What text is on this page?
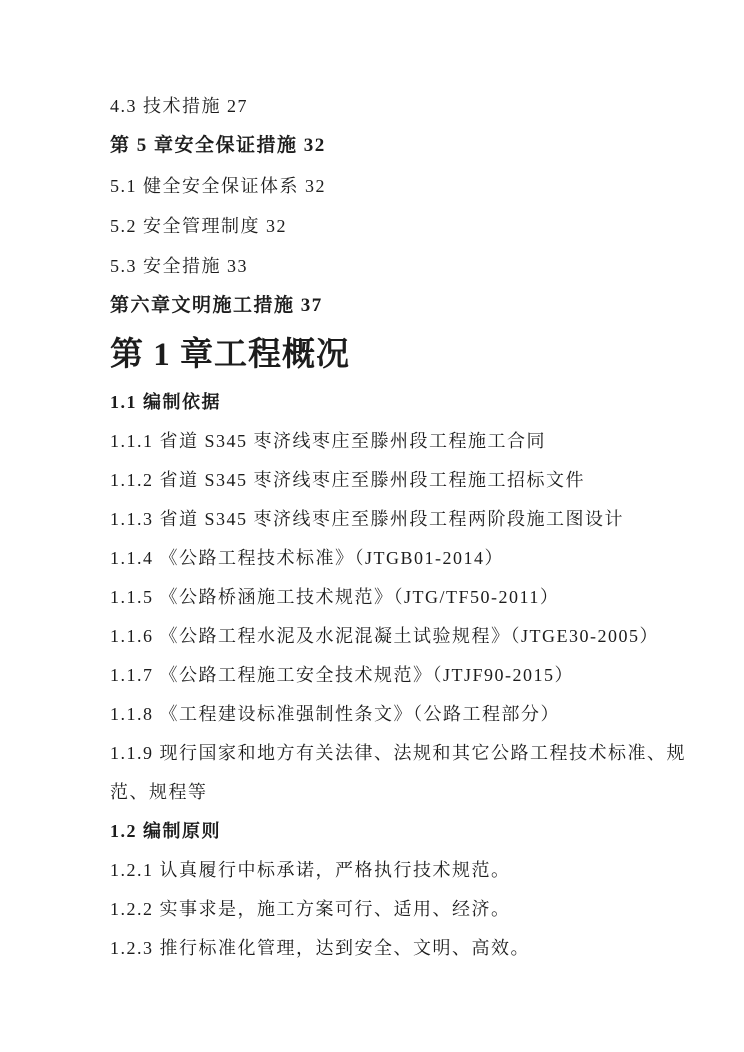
4.3 技术措施 27

第 5 章安全保证措施 32

5.1 健全安全保证体系 32

5.2 安全管理制度 32

5.3 安全措施 33

第六章文明施工措施 37

第 1 章工程概况

1.1 编制依据

1.1.1 省道 S345 枣济线枣庄至滕州段工程施工合同

1.1.2 省道 S345 枣济线枣庄至滕州段工程施工招标文件

1.1.3 省道 S345 枣济线枣庄至滕州段工程两阶段施工图设计

1.1.4 《公路工程技术标准》（JTGB01-2014）

1.1.5 《公路桥涵施工技术规范》（JTG/TF50-2011）

1.1.6 《公路工程水泥及水泥混凝土试验规程》（JTGE30-2005）

1.1.7 《公路工程施工安全技术规范》（JTJF90-2015）

1.1.8 《工程建设标准强制性条文》（公路工程部分）

1.1.9 现行国家和地方有关法律、法规和其它公路工程技术标准、规

范、规程等

1.2 编制原则

1.2.1 认真履行中标承诺，严格执行技术规范。

1.2.2 实事求是，施工方案可行、适用、经济。

1.2.3 推行标准化管理，达到安全、文明、高效。
